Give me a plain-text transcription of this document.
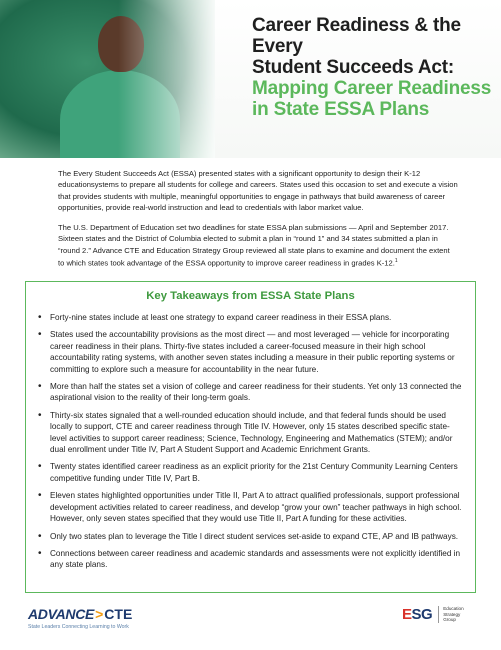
Career Readiness & the Every
Student Succeeds Act:
Mapping Career Readiness
in State ESSA Plans

The Every Student Succeeds Act (ESSA) presented states with a significant opportunity to design their K-12 educationsystems to prepare all students for college and careers. States used this occasion to set and execute a vision that provides students with multiple, meaningful opportunities to engage in pathways that build awareness of career opportunities, provide real-world instruction and lead to credentials with labor market value.

The U.S. Department of Education set two deadlines for state ESSA plan submissions — April and September 2017. Sixteen states and the District of Columbia elected to submit a plan in “round 1” and 34 states submitted a plan in “round 2.” Advance CTE and Education Strategy Group reviewed all state plans to examine and document the extent to which states took advantage of the ESSA opportunity to improve career readiness in grades K-12.$^1$

Key Takeaways from ESSA State Plans
• Forty-nine states include at least one strategy to expand career readiness in their ESSA plans.
• States used the accountability provisions as the most direct — and most leveraged — vehicle for incorporating career readiness in their plans. Thirty-five states included a career-focused measure in their high school accountability rating systems, with another seven states including a measure in their public reporting systems or committing to explore such a measure for accountability in the near future.
• More than half the states set a vision of college and career readiness for their students. Yet only 13 connected the aspirational vision to the reality of their long-term goals.
• Thirty-six states signaled that a well-rounded education should include, and that federal funds should be used locally to support, CTE and career readiness through Title IV. However, only 15 states described specific state-level activities to support career readiness; Science, Technology, Engineering and Mathematics (STEM); and/or dual enrollment under Title IV, Part A Student Support and Academic Enrichment Grants.
• Twenty states identified career readiness as an explicit priority for the 21st Century Community Learning Centers competitive funding under Title IV, Part B.
• Eleven states highlighted opportunities under Title II, Part A to attract qualified professionals, support professional development activities related to career readiness, and develop “grow your own” teacher pathways in high school. However, only seven states specified that they would use Title II, Part A funding for these activities.
• Only two states plan to leverage the Title I direct student services set-aside to expand CTE, AP and IB pathways.
• Connections between career readiness and academic standards and assessments were not explicitly identified in any state plans.
ADVANCE > CTE
State Leaders Connecting Learning to Work
ESG	Education
Strategy
Group
